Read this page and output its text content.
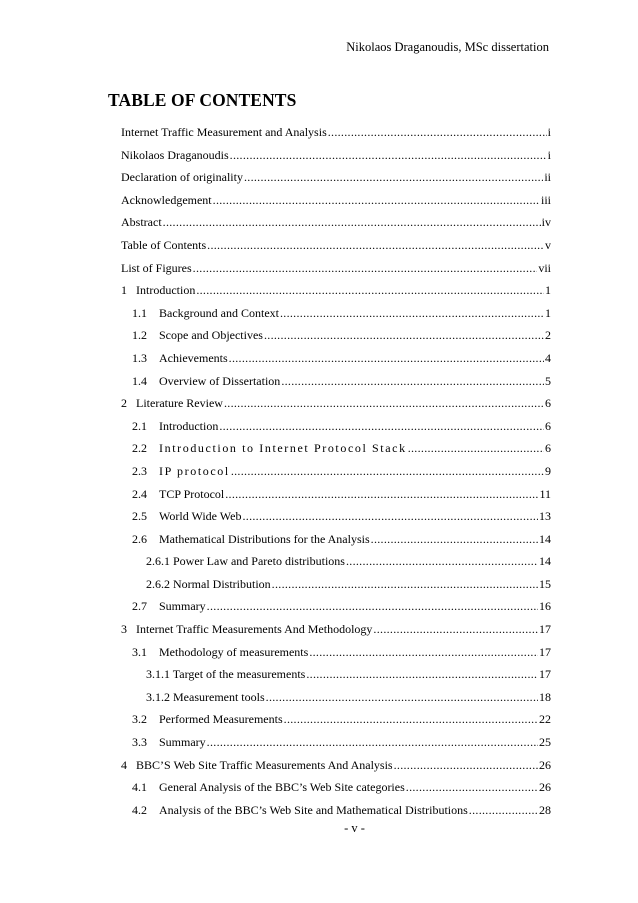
Nikolaos Draganoudis, MSc dissertation
TABLE OF CONTENTS
Internet Traffic Measurement and Analysis .....	i
Nikolaos Draganoudis .....	i
Declaration of originality .....	ii
Acknowledgement .....	iii
Abstract .....	iv
Table of Contents .....	v
List of Figures .....	vii
1 Introduction .....	1
1.1	Background and Context .....	1
1.2	Scope and Objectives .....	2
1.3	Achievements .....	4
1.4	Overview of Dissertation .....	5
2 Literature Review .....	6
2.1	Introduction .....	6
2.2	Introduction to Internet Protocol Stack .....	6
2.3	IP protocol .....	9
2.4	TCP Protocol .....	11
2.5	World Wide Web .....	13
2.6	Mathematical Distributions for the Analysis .....	14
2.6.1 Power Law and Pareto distributions .....	14
2.6.2 Normal Distribution .....	15
2.7	Summary .....	16
3 Internet Traffic Measurements And Methodology .....	17
3.1	Methodology of measurements .....	17
3.1.1 Target of the measurements .....	17
3.1.2 Measurement tools .....	18
3.2	Performed Measurements .....	22
3.3	Summary .....	25
4 BBC’S Web Site Traffic Measurements And Analysis .....	26
4.1	General Analysis of the BBC’s Web Site categories .....	26
4.2	Analysis of the BBC’s Web Site and Mathematical Distributions .....	28
- v -
